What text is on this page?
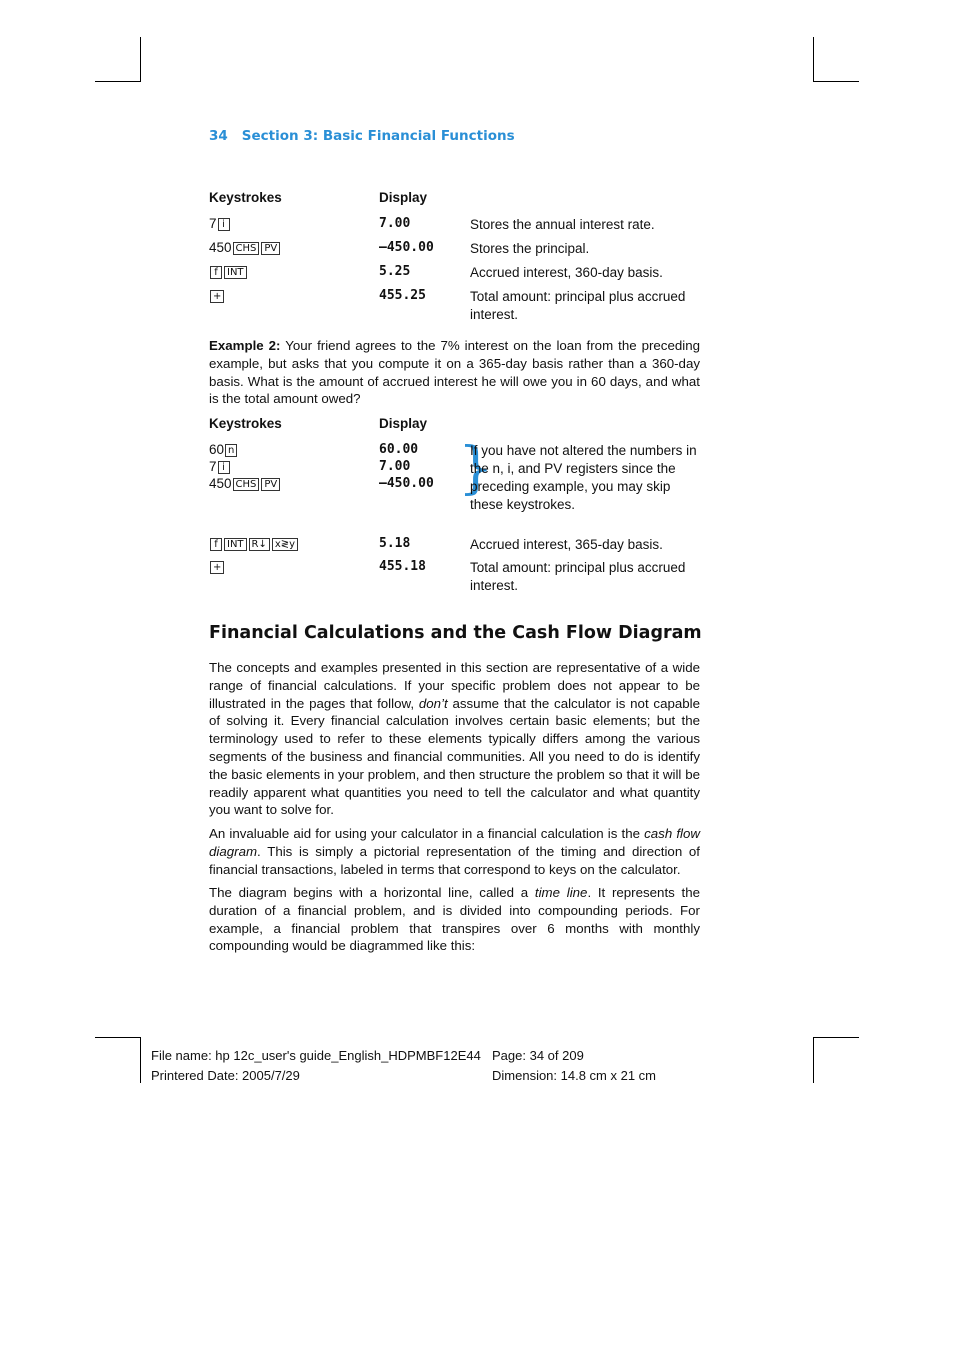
34 Section 3: Basic Financial Functions
Keystrokes	Display
7 i	7.00	Stores the annual interest rate.
450 CHS PV	–450.00	Stores the principal.
f INT	5.25	Accrued interest, 360-day basis.
+	455.25	Total amount: principal plus accrued interest.
Example 2: Your friend agrees to the 7% interest on the loan from the preceding example, but asks that you compute it on a 365-day basis rather than a 360-day basis. What is the amount of accrued interest he will owe you in 60 days, and what is the total amount owed?
Keystrokes	Display
60 n	60.00
7 i	7.00
450 CHS PV	–450.00 }
If you have not altered the numbers in the n, i, and PV registers since the preceding example, you may skip these keystrokes.
f INT R↓ x≷y	5.18	Accrued interest, 365-day basis.
+	455.18	Total amount: principal plus accrued interest.
Financial Calculations and the Cash Flow Diagram
The concepts and examples presented in this section are representative of a wide range of financial calculations. If your specific problem does not appear to be illustrated in the pages that follow, don’t assume that the calculator is not capable of solving it. Every financial calculation involves certain basic elements; but the terminology used to refer to these elements typically differs among the various segments of the business and financial communities. All you need to do is identify the basic elements in your problem, and then structure the problem so that it will be readily apparent what quantities you need to tell the calculator and what quantity you want to solve for.
An invaluable aid for using your calculator in a financial calculation is the cash flow diagram. This is simply a pictorial representation of the timing and direction of financial transactions, labeled in terms that correspond to keys on the calculator.
The diagram begins with a horizontal line, called a time line. It represents the duration of a financial problem, and is divided into compounding periods. For example, a financial problem that transpires over 6 months with monthly compounding would be diagrammed like this:
File name: hp 12c_user's guide_English_HDPMBF12E44
Printered Date: 2005/7/29
Page: 34 of 209
Dimension: 14.8 cm x 21 cm
